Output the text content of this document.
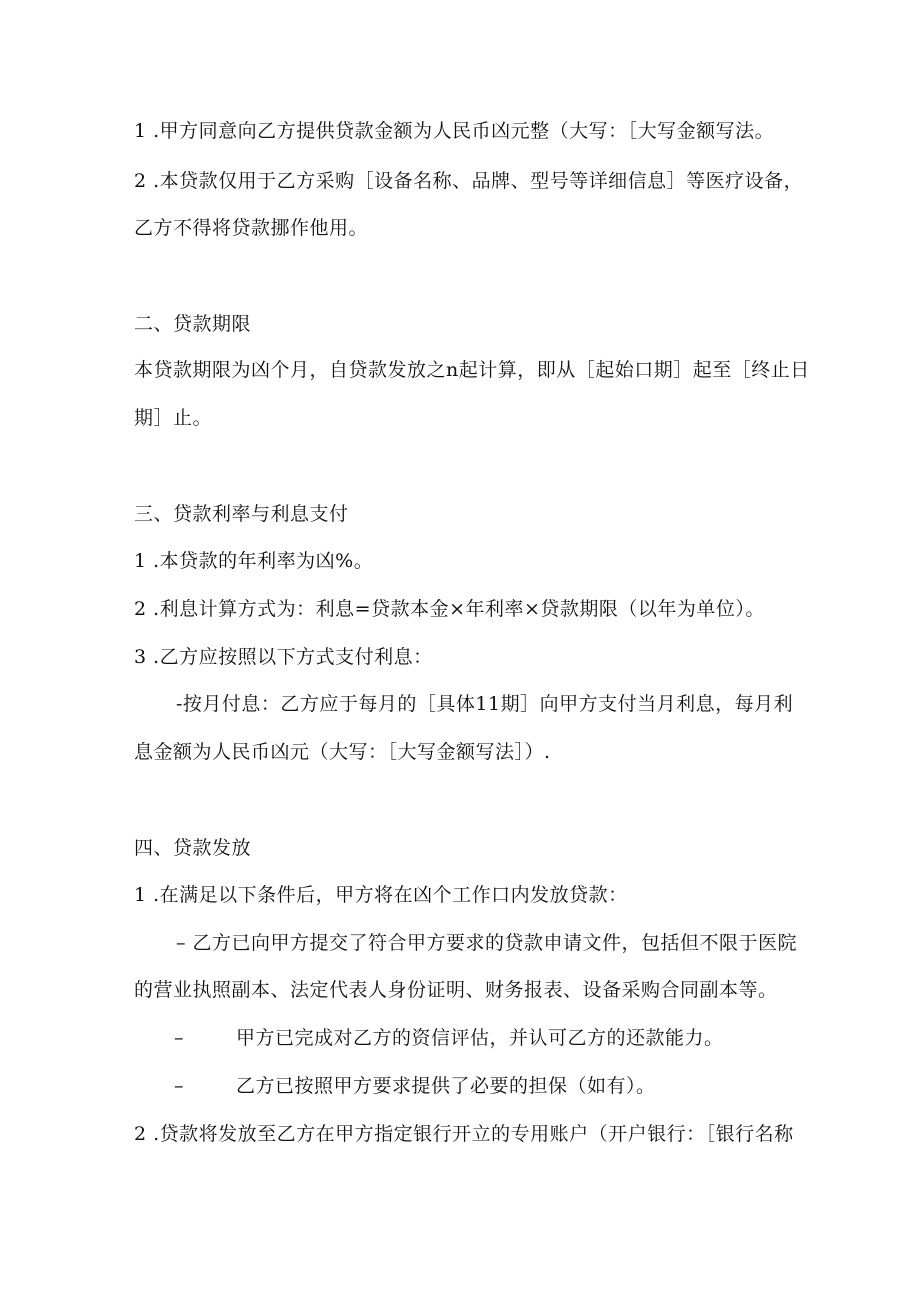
1 .甲方同意向乙方提供贷款金额为人民币凶元整（大写：［大写金额写法。
2 .本贷款仅用于乙方采购［设备名称、品牌、型号等详细信息］等医疗设备，
乙方不得将贷款挪作他用。
二、贷款期限
本贷款期限为凶个月，自贷款发放之n起计算，即从［起始口期］起至［终止日
期］止。
三、贷款利率与利息支付
1 .本贷款的年利率为凶%。
2 .利息计算方式为：利息=贷款本金×年利率×贷款期限（以年为单位）。
3 .乙方应按照以下方式支付利息：
-按月付息：乙方应于每月的［具体11期］向甲方支付当月利息，每月利
息金额为人民币凶元（大写：［大写金额写法］）.
四、贷款发放
1 .在满足以下条件后，甲方将在凶个工作口内发放贷款：
– 乙方已向甲方提交了符合甲方要求的贷款申请文件，包括但不限于医院
的营业执照副本、法定代表人身份证明、财务报表、设备采购合同副本等。
–	甲方已完成对乙方的资信评估，并认可乙方的还款能力。
–	乙方已按照甲方要求提供了必要的担保（如有）。
2 .贷款将发放至乙方在甲方指定银行开立的专用账户（开户银行：［银行名称
